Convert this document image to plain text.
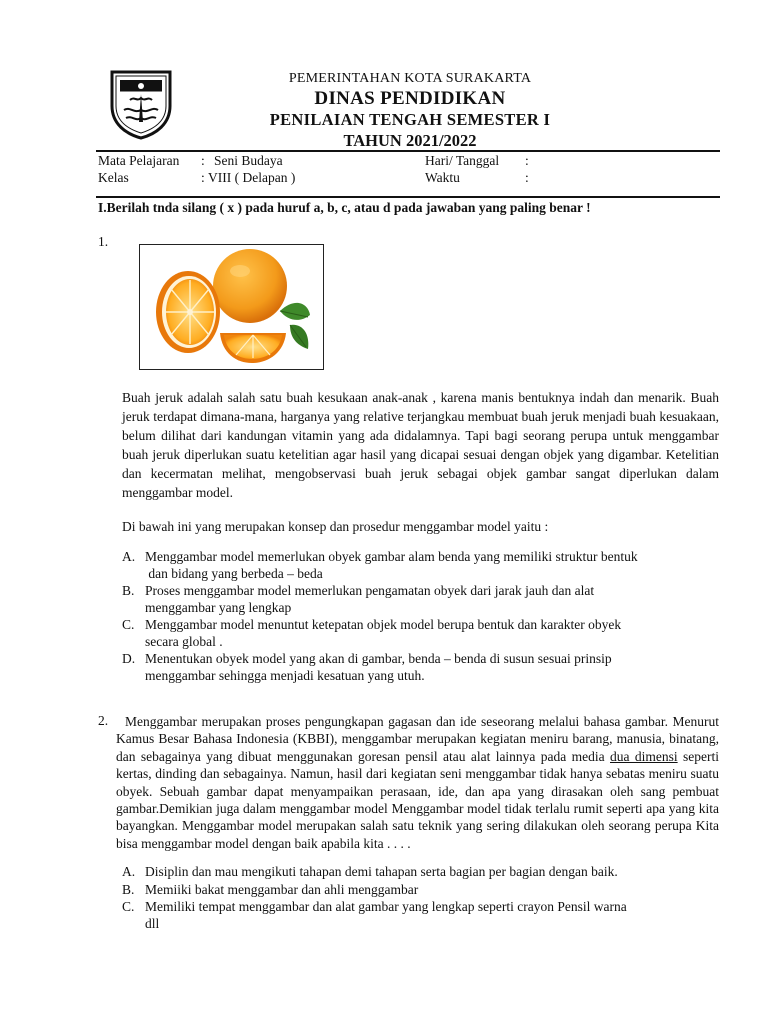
PEMERINTAHAN KOTA SURAKARTA
DINAS PENDIDIKAN
PENILAIAN TENGAH SEMESTER I
TAHUN 2021/2022
Mata Pelajaran : Seni Budaya
Kelas	: VIII ( Delapan )
Hari/ Tanggal :
Waktu	:
I.Berilah tnda silang ( x ) pada huruf a, b, c, atau d pada jawaban yang paling benar !
1.

Buah jeruk adalah salah satu buah kesukaan anak-anak , karena manis bentuknya indah dan menarik. Buah jeruk terdapat dimana-mana, harganya yang relative terjangkau membuat buah jeruk menjadi buah kesuakaan, belum dilihat dari kandungan vitamin yang ada didalamnya. Tapi bagi seorang perupa untuk menggambar buah jeruk diperlukan suatu ketelitian agar hasil yang dicapai sesuai dengan objek yang digambar. Ketelitian dan kecermatan melihat, mengobservasi buah jeruk sebagai objek gambar sangat diperlukan dalam menggambar model.

Di bawah ini yang merupakan konsep dan prosedur menggambar model yaitu :
A. Menggambar model memerlukan obyek gambar alam benda yang memiliki struktur bentuk
dan bidang yang berbeda – beda
B. Proses menggambar model memerlukan pengamatan obyek dari jarak jauh dan alat
menggambar yang lengkap
C. Menggambar model menuntut ketepatan objek model berupa bentuk dan karakter obyek
secara global .
D. Menentukan obyek model yang akan di gambar, benda – benda di susun sesuai prinsip
menggambar sehingga menjadi kesatuan yang utuh.
2.	Menggambar merupakan proses pengungkapan gagasan dan ide seseorang melalui bahasa gambar. Menurut Kamus Besar Bahasa Indonesia (KBBI), menggambar merupakan kegiatan meniru barang, manusia, binatang, dan sebagainya yang dibuat menggunakan goresan pensil atau alat lainnya pada media dua dimensi seperti kertas, dinding dan sebagainya. Namun, hasil dari kegiatan seni menggambar tidak hanya sebatas meniru suatu obyek. Sebuah gambar dapat menyampaikan perasaan, ide, dan apa yang dirasakan oleh sang pembuat gambar.Demikian juga dalam menggambar model Menggambar model tidak terlalu rumit seperti apa yang kita bayangkan. Menggambar model merupakan salah satu teknik yang sering dilakukan oleh seorang perupa Kita bisa menggambar model dengan baik apabila kita . . . .

A. Disiplin dan mau mengikuti tahapan demi tahapan serta bagian per bagian dengan baik.
B. Memiiki bakat menggambar dan ahli menggambar
C. Memiliki tempat menggambar dan alat gambar yang lengkap seperti crayon Pensil warna
dll
